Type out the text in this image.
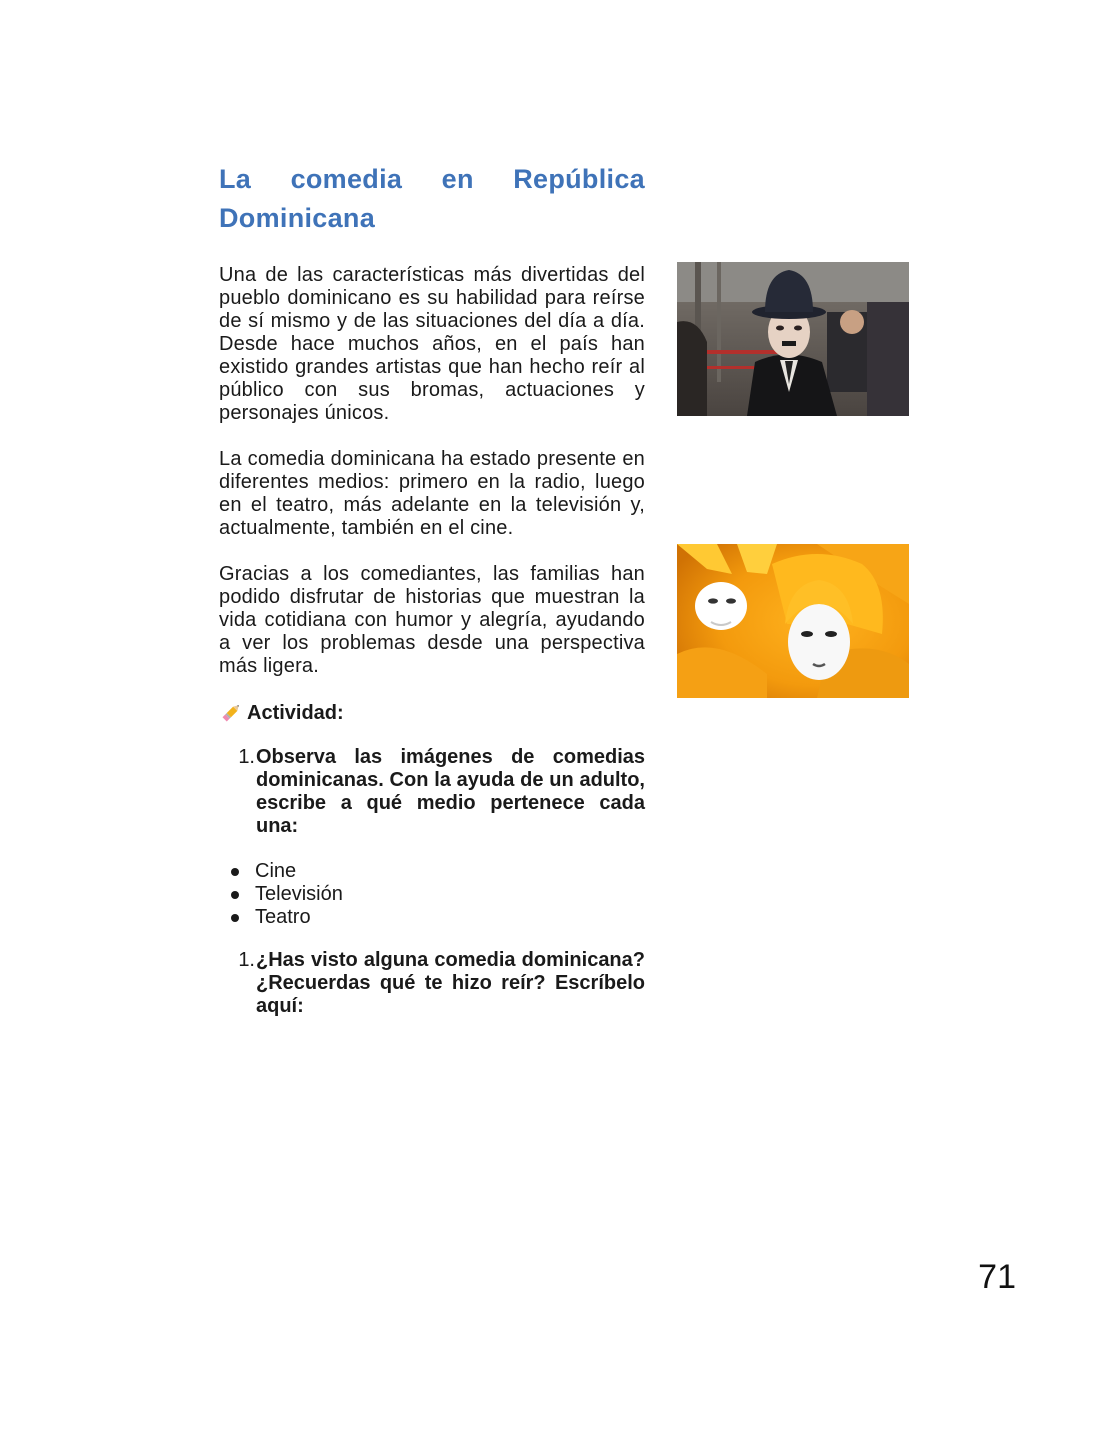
La comedia en República
Dominicana

Una de las características más divertidas del pueblo dominicano es su habilidad para reírse de sí mismo y de las situaciones del día a día. Desde hace muchos años, en el país han existido grandes artistas que han hecho reír al público con sus bromas, actuaciones y personajes únicos.

La comedia dominicana ha estado presente en diferentes medios: primero en la radio, luego en el teatro, más adelante en la televisión y, actualmente, también en el cine.

Gracias a los comediantes, las familias han podido disfrutar de historias que muestran la vida cotidiana con humor y alegría, ayudando a ver los problemas desde una perspectiva más ligera.

Actividad:
1. Observa las imágenes de comedias dominicanas. Con la ayuda de un adulto, escribe a qué medio pertenece cada una:
Cine
Televisión
Teatro
1. ¿Has visto alguna comedia dominicana? ¿Recuerdas qué te hizo reír? Escríbelo aquí:
71
